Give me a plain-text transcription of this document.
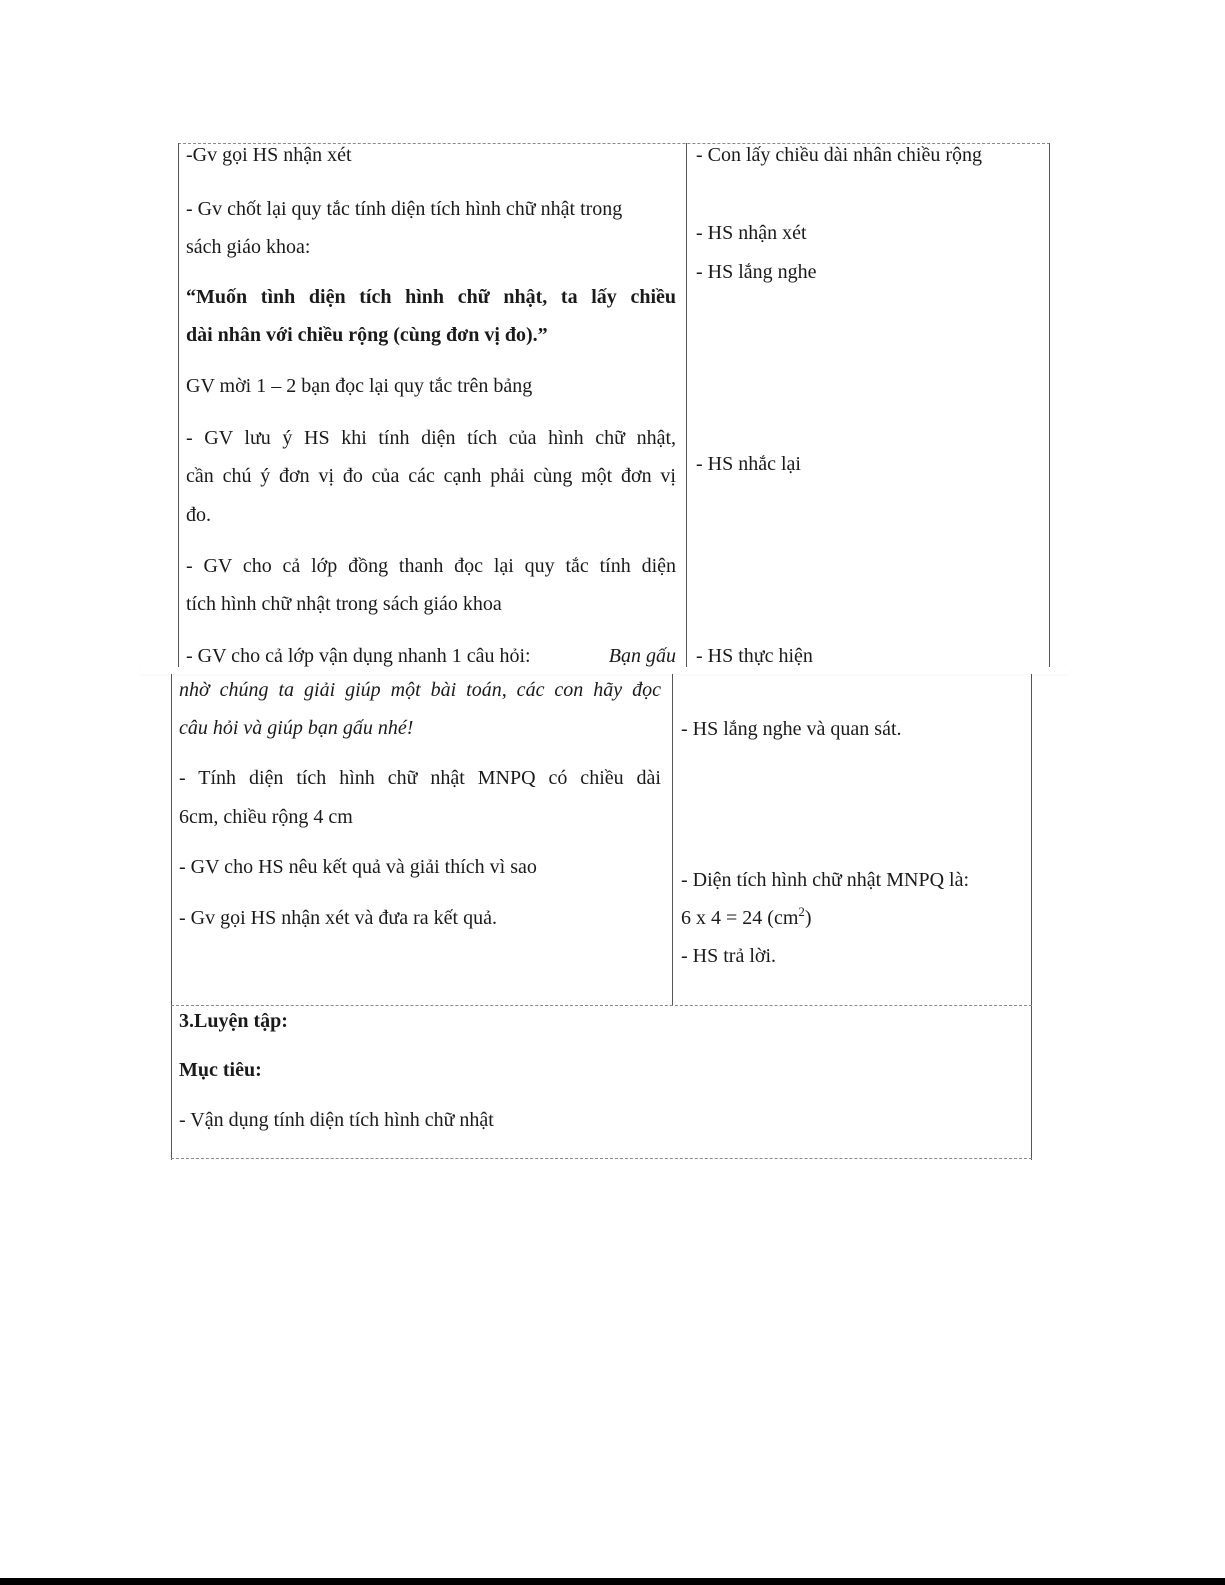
-Gv gọi HS nhận xét

- Gv chốt lại quy tắc tính diện tích hình chữ nhật trong

sách giáo khoa:

“Muốn tình diện tích hình chữ nhật, ta lấy chiều

dài nhân với chiều rộng (cùng đơn vị đo).”

GV mời 1 – 2 bạn đọc lại quy tắc trên bảng

- GV lưu ý HS khi tính diện tích của hình chữ nhật,

cần chú ý đơn vị đo của các cạnh phải cùng một đơn vị

đo.

- GV cho cả lớp đồng thanh đọc lại quy tắc tính diện

tích hình chữ nhật trong sách giáo khoa

- GV cho cả lớp vận dụng nhanh 1 câu hỏi:	Bạn gấu

- Con lấy chiều dài nhân chiều rộng

- HS nhận xét

- HS lắng nghe

- HS nhắc lại

- HS thực hiện

nhờ chúng ta giải giúp một bài toán, các con hãy đọc

câu hỏi và giúp bạn gấu nhé!

- Tính diện tích hình chữ nhật MNPQ có chiều dài

6cm, chiều rộng 4 cm

- GV cho HS nêu kết quả và giải thích vì sao

- Gv gọi HS nhận xét và đưa ra kết quả.

- HS lắng nghe và quan sát.

- Diện tích hình chữ nhật MNPQ là:

6 x 4 = 24 $(cm^2)$

- HS trả lời.

3.Luyện tập:

Mục tiêu:

- Vận dụng tính diện tích hình chữ nhật
